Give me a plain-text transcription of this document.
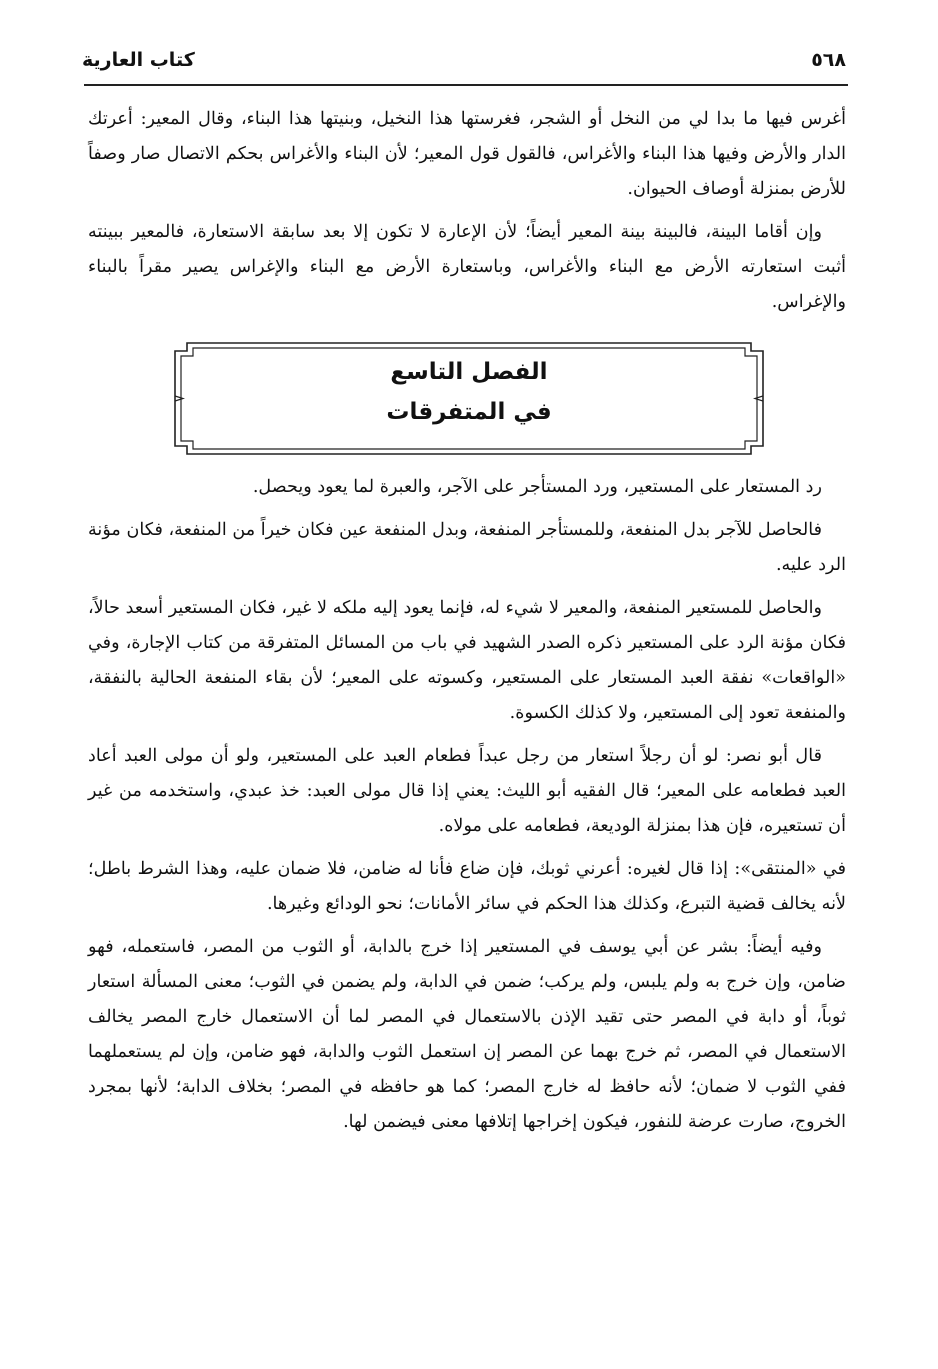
٥٦٨
كتاب العارية

أغرس فيها ما بدا لي من النخل أو الشجر، فغرستها هذا النخيل، وبنيتها هذا البناء، وقال المعير: أعرتك الدار والأرض وفيها هذا البناء والأغراس، فالقول قول المعير؛ لأن البناء والأغراس بحكم الاتصال صار وصفاً للأرض بمنزلة أوصاف الحيوان.

وإن أقاما البينة، فالبينة بينة المعير أيضاً؛ لأن الإعارة لا تكون إلا بعد سابقة الاستعارة، فالمعير ببينته أثبت استعارته الأرض مع البناء والأغراس، وباستعارة الأرض مع البناء والإغراس يصير مقراً بالبناء والإغراس.

الفصل التاسع
في المتفرقات

رد المستعار على المستعير، ورد المستأجر على الآجر، والعبرة لما يعود ويحصل.

فالحاصل للآجر بدل المنفعة، وللمستأجر المنفعة، وبدل المنفعة عين فكان خيراً من المنفعة، فكان مؤنة الرد عليه.

والحاصل للمستعير المنفعة، والمعير لا شيء له، فإنما يعود إليه ملكه لا غير، فكان المستعير أسعد حالاً، فكان مؤنة الرد على المستعير ذكره الصدر الشهيد في باب من المسائل المتفرقة من كتاب الإجارة، وفي «الواقعات» نفقة العبد المستعار على المستعير، وكسوته على المعير؛ لأن بقاء المنفعة الحالية بالنفقة، والمنفعة تعود إلى المستعير، ولا كذلك الكسوة.

قال أبو نصر: لو أن رجلاً استعار من رجل عبداً فطعام العبد على المستعير، ولو أن مولى العبد أعاد العبد فطعامه على المعير؛ قال الفقيه أبو الليث: يعني إذا قال مولى العبد: خذ عبدي، واستخدمه من غير أن تستعيره، فإن هذا بمنزلة الوديعة، فطعامه على مولاه.

في «المنتقى»: إذا قال لغيره: أعرني ثوبك، فإن ضاع فأنا له ضامن، فلا ضمان عليه، وهذا الشرط باطل؛ لأنه يخالف قضية التبرع، وكذلك هذا الحكم في سائر الأمانات؛ نحو الودائع وغيرها.

وفيه أيضاً: بشر عن أبي يوسف في المستعير إذا خرج بالدابة، أو الثوب من المصر، فاستعمله، فهو ضامن، وإن خرج به ولم يلبس، ولم يركب؛ ضمن في الدابة، ولم يضمن في الثوب؛ معنى المسألة استعار ثوباً، أو دابة في المصر حتى تقيد الإذن بالاستعمال في المصر لما أن الاستعمال خارج المصر يخالف الاستعمال في المصر، ثم خرج بهما عن المصر إن استعمل الثوب والدابة، فهو ضامن، وإن لم يستعملهما ففي الثوب لا ضمان؛ لأنه حافظ له خارج المصر؛ كما هو حافظه في المصر؛ بخلاف الدابة؛ لأنها بمجرد الخروج، صارت عرضة للنفور، فيكون إخراجها إتلافها معنى فيضمن لها.
